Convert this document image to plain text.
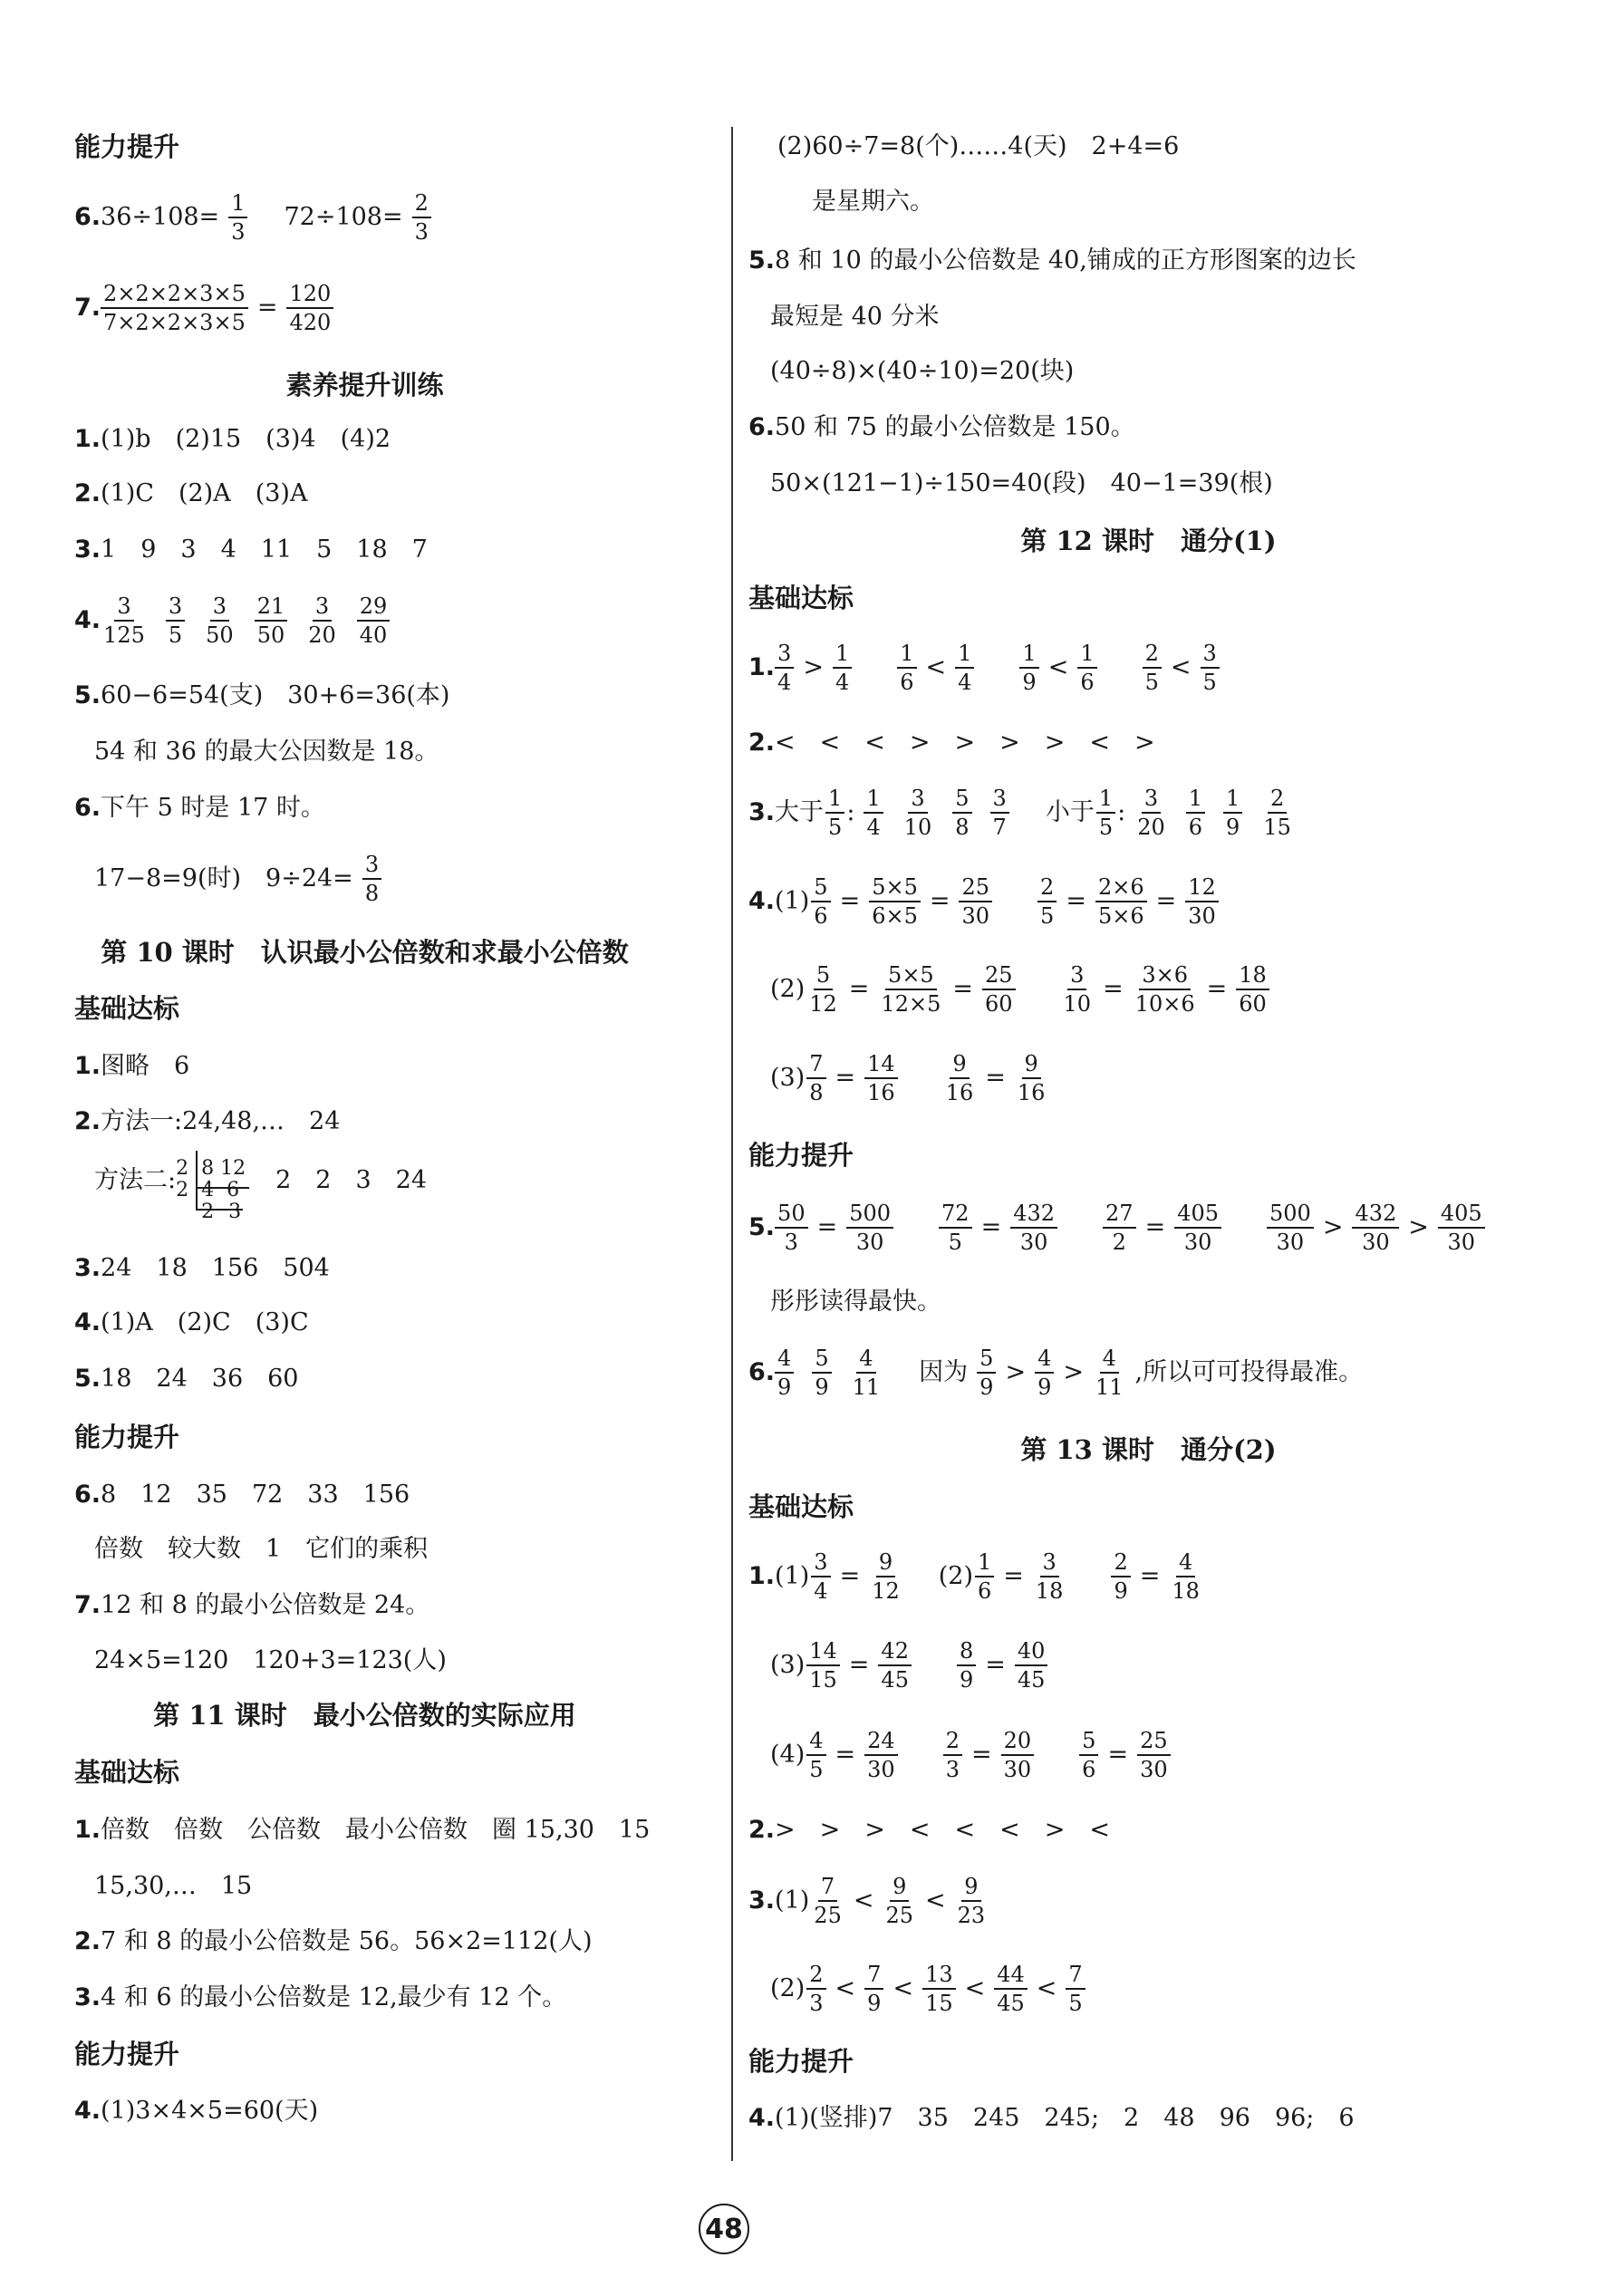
能力提升
6. $36\div 108= \frac{1}{3} 72\div 108= \frac{2}{3}$
7. $\frac{2\times 2\times 2\times 3\times 5}{7\times 2\times 2\times 3\times 5} = \frac{120}{420}$
素养提升训练
1. (1)b　(2)15　(3)4　(4)2
2. (1)C　(2)A　(3)A
3. 1　9　3　4　11　5　18　7
4. $\frac{3}{125} \frac{3}{5} \frac{3}{50} \frac{21}{50} \frac{3}{20} \frac{29}{40}$
5. 60−6=54(支)　30+6=36(本)
54 和 36 的最大公因数是 18。
6. 下午 5 时是 17 时。
17−8=9(时)　$9\div 24= \frac{3}{8}$
第 10 课时　认识最小公倍数和求最小公倍数
基础达标
1. 图略　6
2. 方法一:24,48,…　24
方法二: 2 8 12
2 4 6
2 3
2　2　3　24
3. 24　18　156　504
4. (1)A　(2)C　(3)C
5. 18　24　36　60
能力提升
6. 8　12　35　72　33　156
倍数　较大数　1　它们的乘积
7. 12 和 8 的最小公倍数是 24。
24×5=120　120+3=123(人)
第 11 课时　最小公倍数的实际应用
基础达标
1. 倍数　倍数　公倍数　最小公倍数　圈 15,30　15
15,30,…　15
2. 7 和 8 的最小公倍数是 56。56×2=112(人)
3. 4 和 6 的最小公倍数是 12,最少有 12 个。
能力提升
4. (1)3×4×5=60(天)
(2)60÷7=8(个)……4(天)　2+4=6
是星期六。
5. 8 和 10 的最小公倍数是 40,铺成的正方形图案的边长
最短是 40 分米
(40÷8)×(40÷10)=20(块)
6. 50 和 75 的最小公倍数是 150。
50×(121−1)÷150=40(段)　40−1=39(根)
第 12 课时　通分(1)
基础达标
1. $\frac{3}{4} > \frac{1}{4} \frac{1}{6} < \frac{1}{4} \frac{1}{9} < \frac{1}{6} \frac{2}{5} < \frac{3}{5}$
2. <　<　<　>　>　>　>　<　>
3. 大于 $\frac{1}{5}$ : $\frac{1}{4} \frac{3}{10} \frac{5}{8} \frac{3}{7}$ 小于 $\frac{1}{5}$ : $\frac{3}{20} \frac{1}{6} \frac{1}{9} \frac{2}{15}$
4. $(1) \frac{5}{6} = \frac{5\times 5}{6\times 5} = \frac{25}{30} \frac{2}{5} = \frac{2\times 6}{5\times 6} = \frac{12}{30}$
$(2) \frac{5}{12} = \frac{5\times 5}{12\times 5} = \frac{25}{60} \frac{3}{10} = \frac{3\times 6}{10\times 6} = \frac{18}{60}$
$(3) \frac{7}{8} = \frac{14}{16} \frac{9}{16} = \frac{9}{16}$
能力提升
5. $\frac{50}{3} = \frac{500}{30} \frac{72}{5} = \frac{432}{30} \frac{27}{2} = \frac{405}{30} \frac{500}{30} > \frac{432}{30} > \frac{405}{30}$
彤彤读得最快。
6. $\frac{4}{9} \frac{5}{9} \frac{4}{11}$ 因为 $\frac{5}{9} > \frac{4}{9} > \frac{4}{11}$ ,所以可可投得最准。
第 13 课时　通分(2)
基础达标
1. $(1) \frac{3}{4} = \frac{9}{12} (2) \frac{1}{6} = \frac{3}{18} \frac{2}{9} = \frac{4}{18}$
$(3) \frac{14}{15} = \frac{42}{45} \frac{8}{9} = \frac{40}{45}$
$(4) \frac{4}{5} = \frac{24}{30} \frac{2}{3} = \frac{20}{30} \frac{5}{6} = \frac{25}{30}$
2. >　>　>　<　<　<　>　<
3. $(1) \frac{7}{25} < \frac{9}{25} < \frac{9}{23}$
$(2) \frac{2}{3} < \frac{7}{9} < \frac{13}{15} < \frac{44}{45} < \frac{7}{5}$
能力提升
4. (1)(竖排)7　35　245　245;　2　48　96　96;　6
48
